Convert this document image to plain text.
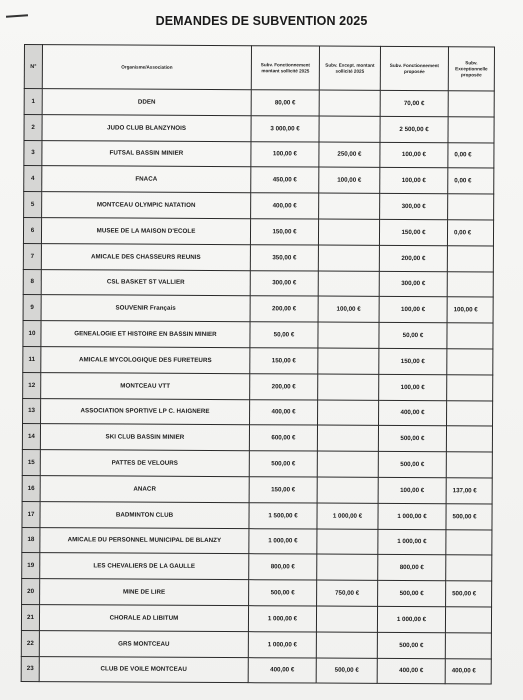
DEMANDES DE SUBVENTION 2025
N°	Organisme/Association	Subv. Fonctionnement montant sollicité 2025	Subv. Except. montant sollicité 2025	Subv. Fonctionnement proposée	Subv. Exceptionnelle proposée
1	DDEN	80,00 €		70,00 €	
2	JUDO CLUB BLANZYNOIS	3 000,00 €		2 500,00 €	
3	FUTSAL BASSIN MINIER	100,00 €	250,00 €	100,00 €	0,00 €
4	FNACA	450,00 €	100,00 €	100,00 €	0,00 €
5	MONTCEAU OLYMPIC NATATION	400,00 €		300,00 €	
6	MUSEE DE LA MAISON D'ECOLE	150,00 €		150,00 €	0,00 €
7	AMICALE DES CHASSEURS REUNIS	350,00 €		200,00 €	
8	CSL BASKET ST VALLIER	300,00 €		300,00 €	
9	SOUVENIR Français	200,00 €	100,00 €	100,00 €	100,00 €
10	GENEALOGIE ET HISTOIRE EN BASSIN MINIER	50,00 €		50,00 €	
11	AMICALE MYCOLOGIQUE DES FURETEURS	150,00 €		150,00 €	
12	MONTCEAU VTT	200,00 €		100,00 €	
13	ASSOCIATION SPORTIVE LP C. HAIGNERE	400,00 €		400,00 €	
14	SKI CLUB BASSIN MINIER	600,00 €		500,00 €	
15	PATTES DE VELOURS	500,00 €		500,00 €	
16	ANACR	150,00 €		100,00 €	137,00 €
17	BADMINTON CLUB	1 500,00 €	1 000,00 €	1 000,00 €	500,00 €
18	AMICALE DU PERSONNEL MUNICIPAL DE BLANZY	1 000,00 €		1 000,00 €	
19	LES CHEVALIERS DE LA GAULLE	800,00 €		800,00 €	
20	MINE DE LIRE	500,00 €	750,00 €	500,00 €	500,00 €
21	CHORALE AD LIBITUM	1 000,00 €		1 000,00 €	
22	GRS MONTCEAU	1 000,00 €		500,00 €	
23	CLUB DE VOILE MONTCEAU	400,00 €	500,00 €	400,00 €	400,00 €
